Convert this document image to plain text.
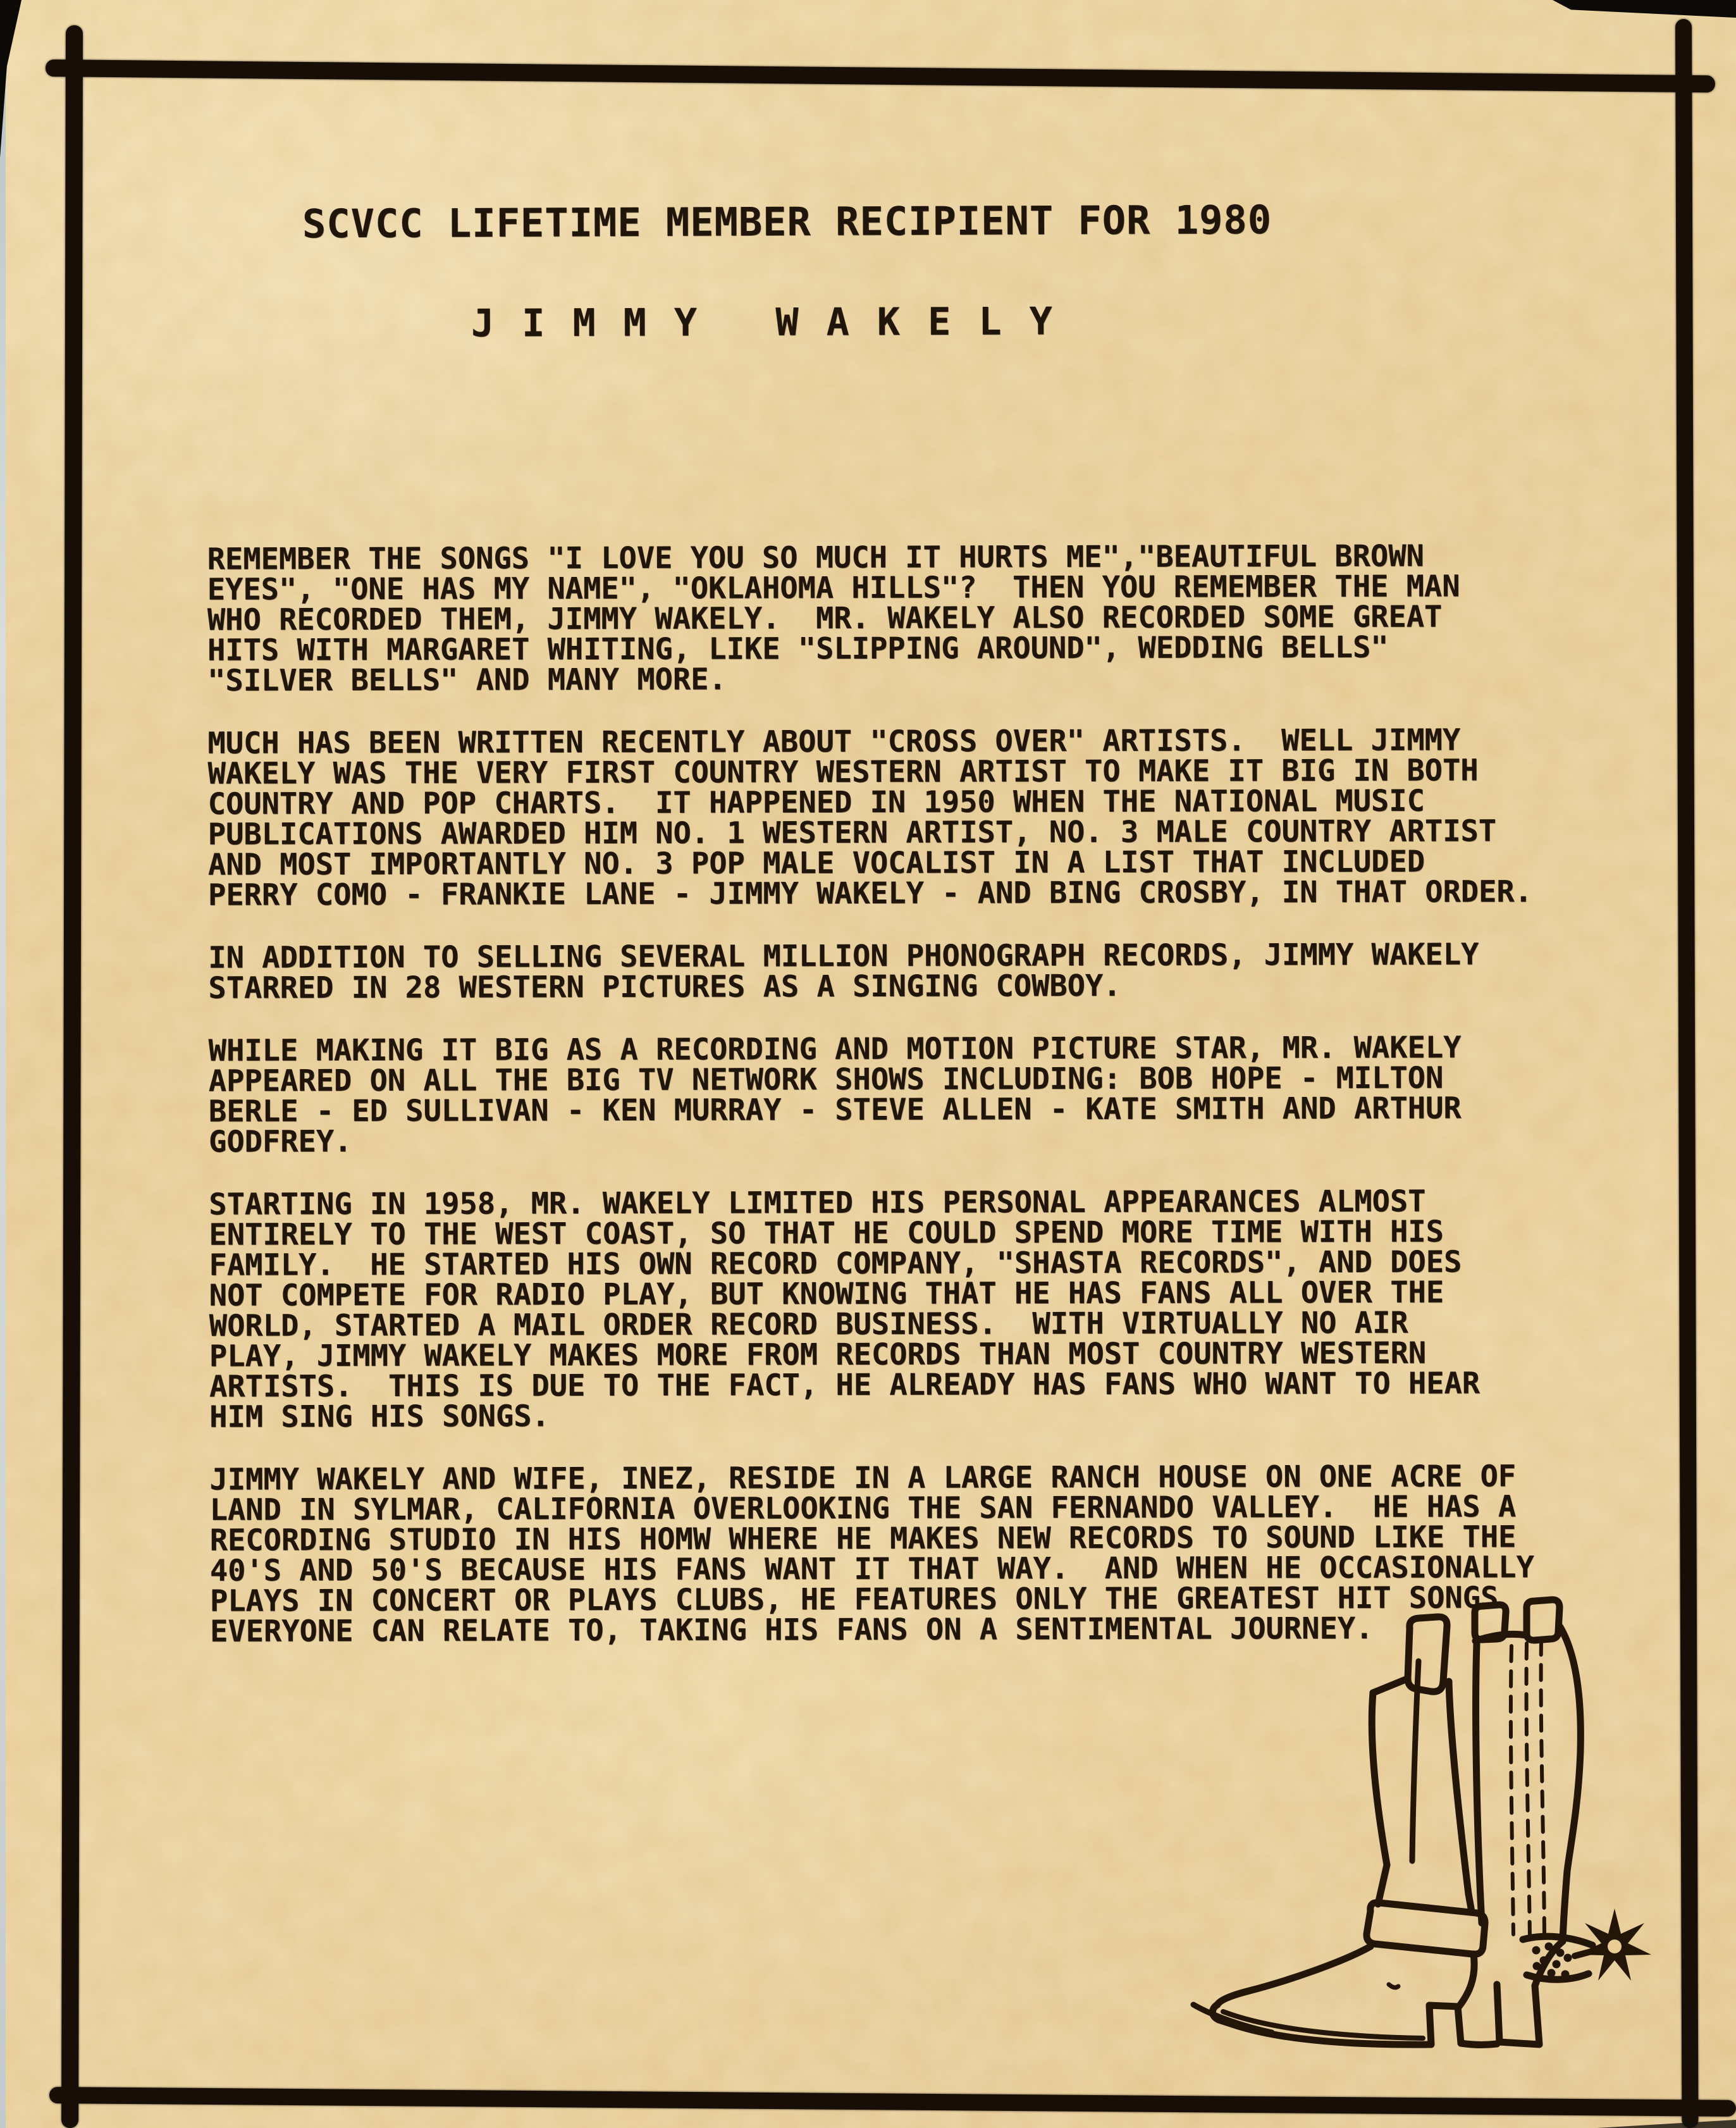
SCVCC LIFETIME MEMBER RECIPIENT FOR 1980
J I M M Y   W A K E L Y
REMEMBER THE SONGS "I LOVE YOU SO MUCH IT HURTS ME","BEAUTIFUL BROWN
EYES", "ONE HAS MY NAME", "OKLAHOMA HILLS"?  THEN YOU REMEMBER THE MAN
WHO RECORDED THEM, JIMMY WAKELY.  MR. WAKELY ALSO RECORDED SOME GREAT
HITS WITH MARGARET WHITING, LIKE "SLIPPING AROUND", WEDDING BELLS"
"SILVER BELLS" AND MANY MORE.
MUCH HAS BEEN WRITTEN RECENTLY ABOUT "CROSS OVER" ARTISTS.  WELL JIMMY
WAKELY WAS THE VERY FIRST COUNTRY WESTERN ARTIST TO MAKE IT BIG IN BOTH
COUNTRY AND POP CHARTS.  IT HAPPENED IN 1950 WHEN THE NATIONAL MUSIC
PUBLICATIONS AWARDED HIM NO. 1 WESTERN ARTIST, NO. 3 MALE COUNTRY ARTIST
AND MOST IMPORTANTLY NO. 3 POP MALE VOCALIST IN A LIST THAT INCLUDED
PERRY COMO - FRANKIE LANE - JIMMY WAKELY - AND BING CROSBY, IN THAT ORDER.
IN ADDITION TO SELLING SEVERAL MILLION PHONOGRAPH RECORDS, JIMMY WAKELY
STARRED IN 28 WESTERN PICTURES AS A SINGING COWBOY.
WHILE MAKING IT BIG AS A RECORDING AND MOTION PICTURE STAR, MR. WAKELY
APPEARED ON ALL THE BIG TV NETWORK SHOWS INCLUDING: BOB HOPE - MILTON
BERLE - ED SULLIVAN - KEN MURRAY - STEVE ALLEN - KATE SMITH AND ARTHUR
GODFREY.
STARTING IN 1958, MR. WAKELY LIMITED HIS PERSONAL APPEARANCES ALMOST
ENTIRELY TO THE WEST COAST, SO THAT HE COULD SPEND MORE TIME WITH HIS
FAMILY.  HE STARTED HIS OWN RECORD COMPANY, "SHASTA RECORDS", AND DOES
NOT COMPETE FOR RADIO PLAY, BUT KNOWING THAT HE HAS FANS ALL OVER THE
WORLD, STARTED A MAIL ORDER RECORD BUSINESS.  WITH VIRTUALLY NO AIR
PLAY, JIMMY WAKELY MAKES MORE FROM RECORDS THAN MOST COUNTRY WESTERN
ARTISTS.  THIS IS DUE TO THE FACT, HE ALREADY HAS FANS WHO WANT TO HEAR
HIM SING HIS SONGS.
JIMMY WAKELY AND WIFE, INEZ, RESIDE IN A LARGE RANCH HOUSE ON ONE ACRE OF
LAND IN SYLMAR, CALIFORNIA OVERLOOKING THE SAN FERNANDO VALLEY.  HE HAS A
RECORDING STUDIO IN HIS HOMW WHERE HE MAKES NEW RECORDS TO SOUND LIKE THE
40'S AND 50'S BECAUSE HIS FANS WANT IT THAT WAY.  AND WHEN HE OCCASIONALLY
PLAYS IN CONCERT OR PLAYS CLUBS, HE FEATURES ONLY THE GREATEST HIT SONGS
EVERYONE CAN RELATE TO, TAKING HIS FANS ON A SENTIMENTAL JOURNEY.
